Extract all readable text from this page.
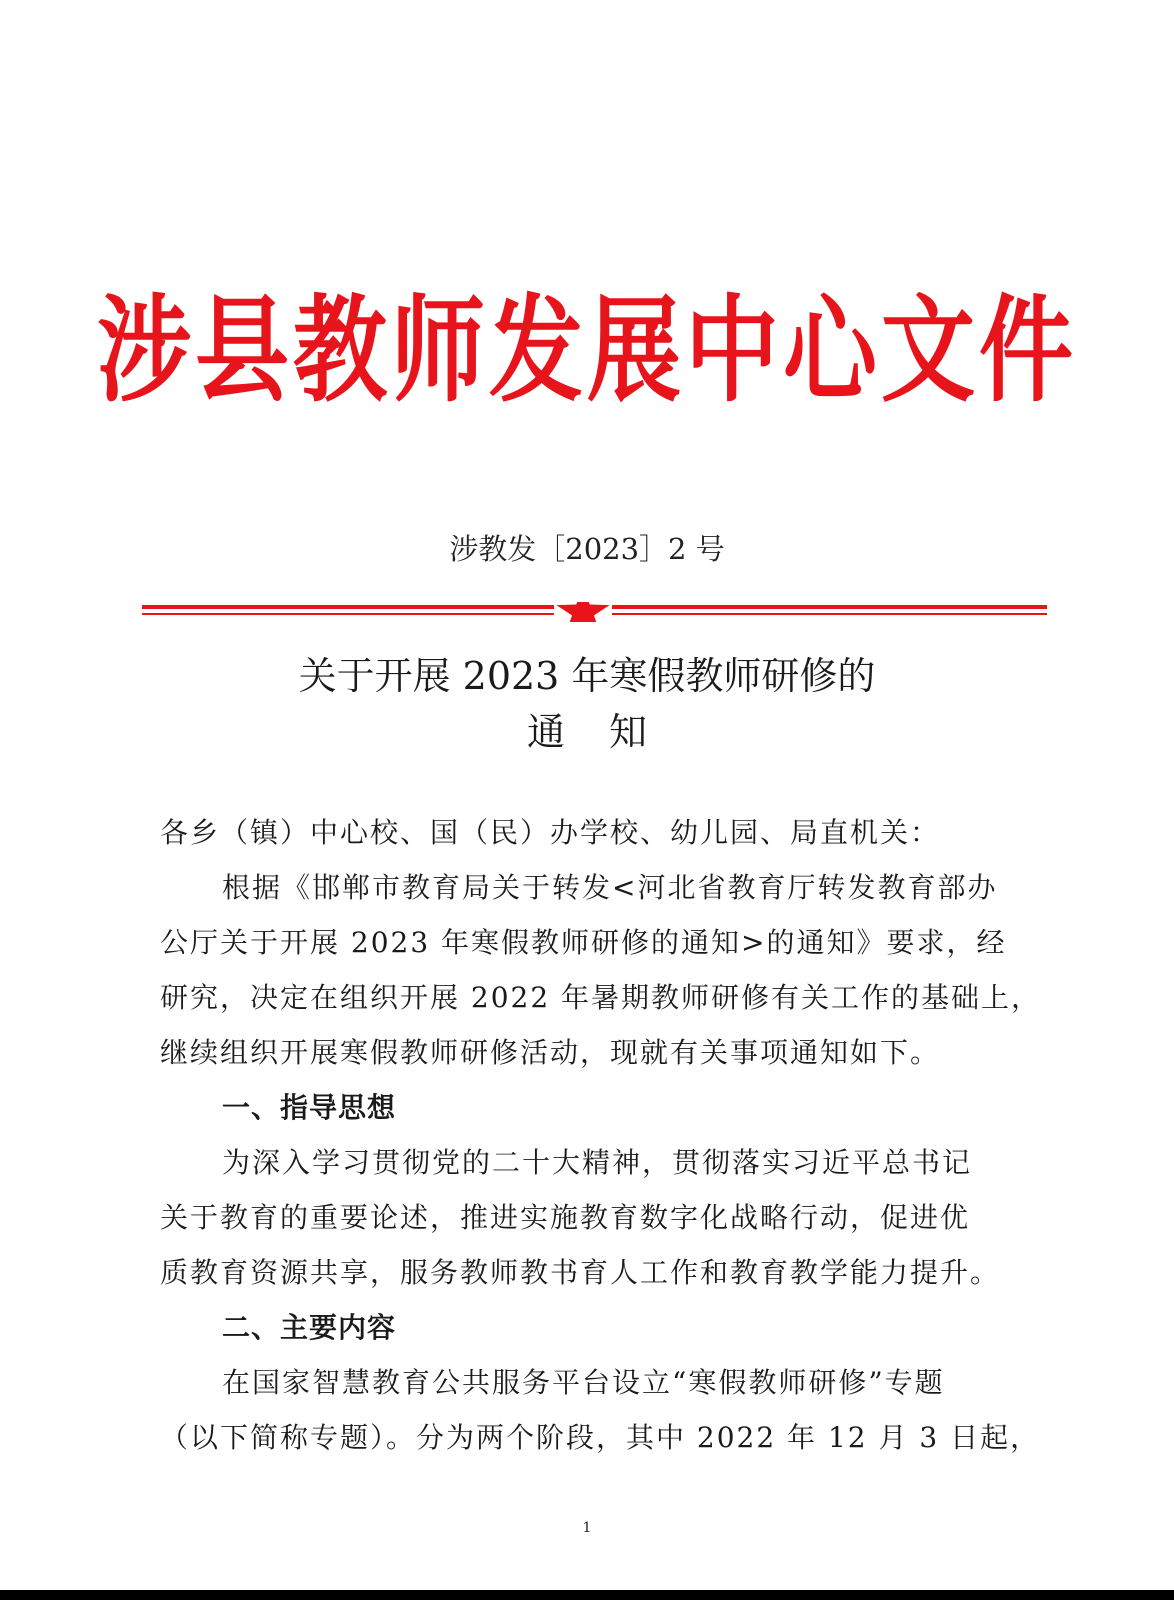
涉县教师发展中心文件
涉教发［2023］2 号
关于开展 2023 年寒假教师研修的
通知
各乡（镇）中心校、国（民）办学校、幼儿园、局直机关：
根据《邯郸市教育局关于转发<河北省教育厅转发教育部办
公厅关于开展 2023 年寒假教师研修的通知>的通知》要求，经
研究，决定在组织开展 2022 年暑期教师研修有关工作的基础上，
继续组织开展寒假教师研修活动，现就有关事项通知如下。
一、指导思想
为深入学习贯彻党的二十大精神，贯彻落实习近平总书记
关于教育的重要论述，推进实施教育数字化战略行动，促进优
质教育资源共享，服务教师教书育人工作和教育教学能力提升。
二、主要内容
在国家智慧教育公共服务平台设立“寒假教师研修”专题
（以下简称专题）。分为两个阶段，其中 2022 年 12 月 3 日起，
1
